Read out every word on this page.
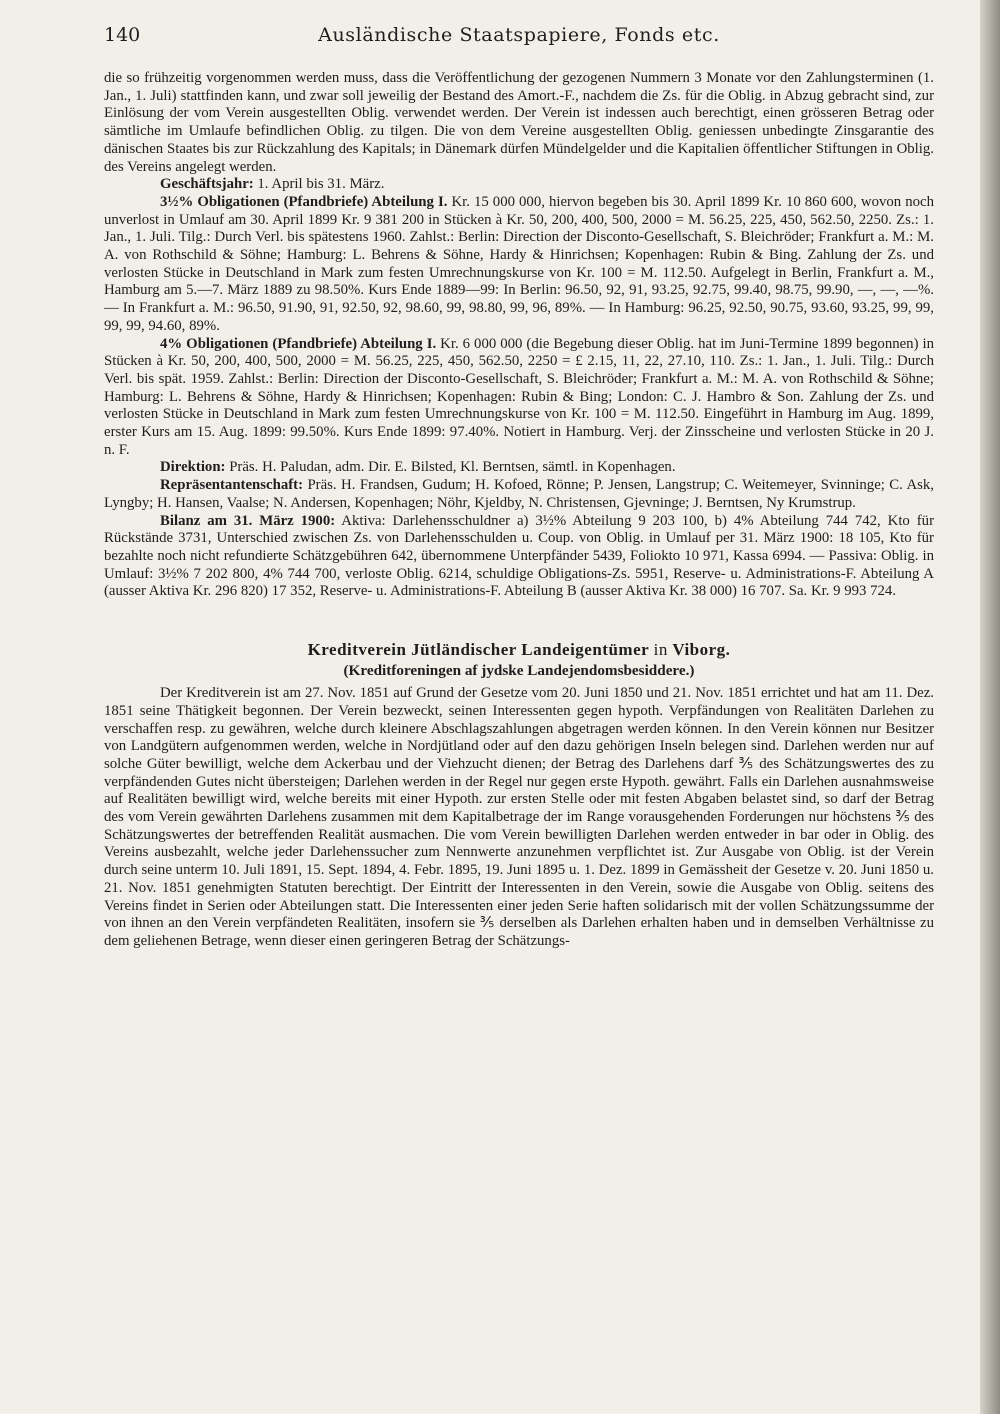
140	Ausländische Staatspapiere, Fonds etc.

die so frühzeitig vorgenommen werden muss, dass die Veröffentlichung der gezogenen Nummern 3 Monate vor den Zahlungsterminen (1. Jan., 1. Juli) stattfinden kann, und zwar soll jeweilig der Bestand des Amort.-F., nachdem die Zs. für die Oblig. in Abzug gebracht sind, zur Einlösung der vom Verein ausgestellten Oblig. verwendet werden. Der Verein ist indessen auch berechtigt, einen grösseren Betrag oder sämtliche im Umlaufe befindlichen Oblig. zu tilgen. Die von dem Vereine ausgestellten Oblig. geniessen unbedingte Zinsgarantie des dänischen Staates bis zur Rückzahlung des Kapitals; in Dänemark dürfen Mündelgelder und die Kapitalien öffentlicher Stiftungen in Oblig. des Vereins angelegt werden.

Geschäftsjahr: 1. April bis 31. März.

3½% Obligationen (Pfandbriefe) Abteilung I. Kr. 15 000 000, hiervon begeben bis 30. April 1899 Kr. 10 860 600, wovon noch unverlost in Umlauf am 30. April 1899 Kr. 9 381 200 in Stücken à Kr. 50, 200, 400, 500, 2000 = M. 56.25, 225, 450, 562.50, 2250. Zs.: 1. Jan., 1. Juli. Tilg.: Durch Verl. bis spätestens 1960. Zahlst.: Berlin: Direction der Disconto-Gesellschaft, S. Bleichröder; Frankfurt a. M.: M. A. von Rothschild & Söhne; Hamburg: L. Behrens & Söhne, Hardy & Hinrichsen; Kopenhagen: Rubin & Bing. Zahlung der Zs. und verlosten Stücke in Deutschland in Mark zum festen Umrechnungskurse von Kr. 100 = M. 112.50. Aufgelegt in Berlin, Frankfurt a. M., Hamburg am 5.—7. März 1889 zu 98.50%. Kurs Ende 1889—99: In Berlin: 96.50, 92, 91, 93.25, 92.75, 99.40, 98.75, 99.90, —, —, —%. — In Frankfurt a. M.: 96.50, 91.90, 91, 92.50, 92, 98.60, 99, 98.80, 99, 96, 89%. — In Hamburg: 96.25, 92.50, 90.75, 93.60, 93.25, 99, 99, 99, 99, 94.60, 89%.

4% Obligationen (Pfandbriefe) Abteilung I. Kr. 6 000 000 (die Begebung dieser Oblig. hat im Juni-Termine 1899 begonnen) in Stücken à Kr. 50, 200, 400, 500, 2000 = M. 56.25, 225, 450, 562.50, 2250 = £ 2.15, 11, 22, 27.10, 110. Zs.: 1. Jan., 1. Juli. Tilg.: Durch Verl. bis spät. 1959. Zahlst.: Berlin: Direction der Disconto-Gesellschaft, S. Bleichröder; Frankfurt a. M.: M. A. von Rothschild & Söhne; Hamburg: L. Behrens & Söhne, Hardy & Hinrichsen; Kopenhagen: Rubin & Bing; London: C. J. Hambro & Son. Zahlung der Zs. und verlosten Stücke in Deutschland in Mark zum festen Umrechnungskurse von Kr. 100 = M. 112.50. Eingeführt in Hamburg im Aug. 1899, erster Kurs am 15. Aug. 1899: 99.50%. Kurs Ende 1899: 97.40%. Notiert in Hamburg. Verj. der Zinsscheine und verlosten Stücke in 20 J. n. F.

Direktion: Präs. H. Paludan, adm. Dir. E. Bilsted, Kl. Berntsen, sämtl. in Kopenhagen.

Repräsentantenschaft: Präs. H. Frandsen, Gudum; H. Kofoed, Rönne; P. Jensen, Langstrup; C. Weitemeyer, Svinninge; C. Ask, Lyngby; H. Hansen, Vaalse; N. Andersen, Kopenhagen; Nöhr, Kjeldby, N. Christensen, Gjevninge; J. Berntsen, Ny Krumstrup.

Bilanz am 31. März 1900: Aktiva: Darlehensschuldner a) 3½% Abteilung 9 203 100, b) 4% Abteilung 744 742, Kto für Rückstände 3731, Unterschied zwischen Zs. von Darlehensschulden u. Coup. von Oblig. in Umlauf per 31. März 1900: 18 105, Kto für bezahlte noch nicht refundierte Schätzgebühren 642, übernommene Unterpfänder 5439, Foliokto 10 971, Kassa 6994. — Passiva: Oblig. in Umlauf: 3½% 7 202 800, 4% 744 700, verloste Oblig. 6214, schuldige Obligations-Zs. 5951, Reserve- u. Administrations-F. Abteilung A (ausser Aktiva Kr. 296 820) 17 352, Reserve- u. Administrations-F. Abteilung B (ausser Aktiva Kr. 38 000) 16 707. Sa. Kr. 9 993 724.

Kreditverein Jütländischer Landeigentümer in Viborg.
(Kreditforeningen af jydske Landejendomsbesiddere.)

Der Kreditverein ist am 27. Nov. 1851 auf Grund der Gesetze vom 20. Juni 1850 und 21. Nov. 1851 errichtet und hat am 11. Dez. 1851 seine Thätigkeit begonnen. Der Verein bezweckt, seinen Interessenten gegen hypoth. Verpfändungen von Realitäten Darlehen zu verschaffen resp. zu gewähren, welche durch kleinere Abschlagszahlungen abgetragen werden können. In den Verein können nur Besitzer von Landgütern aufgenommen werden, welche in Nordjütland oder auf den dazu gehörigen Inseln belegen sind. Darlehen werden nur auf solche Güter bewilligt, welche dem Ackerbau und der Viehzucht dienen; der Betrag des Darlehens darf ⅗ des Schätzungswertes des zu verpfändenden Gutes nicht übersteigen; Darlehen werden in der Regel nur gegen erste Hypoth. gewährt. Falls ein Darlehen ausnahmsweise auf Realitäten bewilligt wird, welche bereits mit einer Hypoth. zur ersten Stelle oder mit festen Abgaben belastet sind, so darf der Betrag des vom Verein gewährten Darlehens zusammen mit dem Kapitalbetrage der im Range vorausgehenden Forderungen nur höchstens ⅗ des Schätzungswertes der betreffenden Realität ausmachen. Die vom Verein bewilligten Darlehen werden entweder in bar oder in Oblig. des Vereins ausbezahlt, welche jeder Darlehenssucher zum Nennwerte anzunehmen verpflichtet ist. Zur Ausgabe von Oblig. ist der Verein durch seine unterm 10. Juli 1891, 15. Sept. 1894, 4. Febr. 1895, 19. Juni 1895 u. 1. Dez. 1899 in Gemässheit der Gesetze v. 20. Juni 1850 u. 21. Nov. 1851 genehmigten Statuten berechtigt. Der Eintritt der Interessenten in den Verein, sowie die Ausgabe von Oblig. seitens des Vereins findet in Serien oder Abteilungen statt. Die Interessenten einer jeden Serie haften solidarisch mit der vollen Schätzungssumme der von ihnen an den Verein verpfändeten Realitäten, insofern sie ⅗ derselben als Darlehen erhalten haben und in demselben Verhältnisse zu dem geliehenen Betrage, wenn dieser einen geringeren Betrag der Schätzungs-
